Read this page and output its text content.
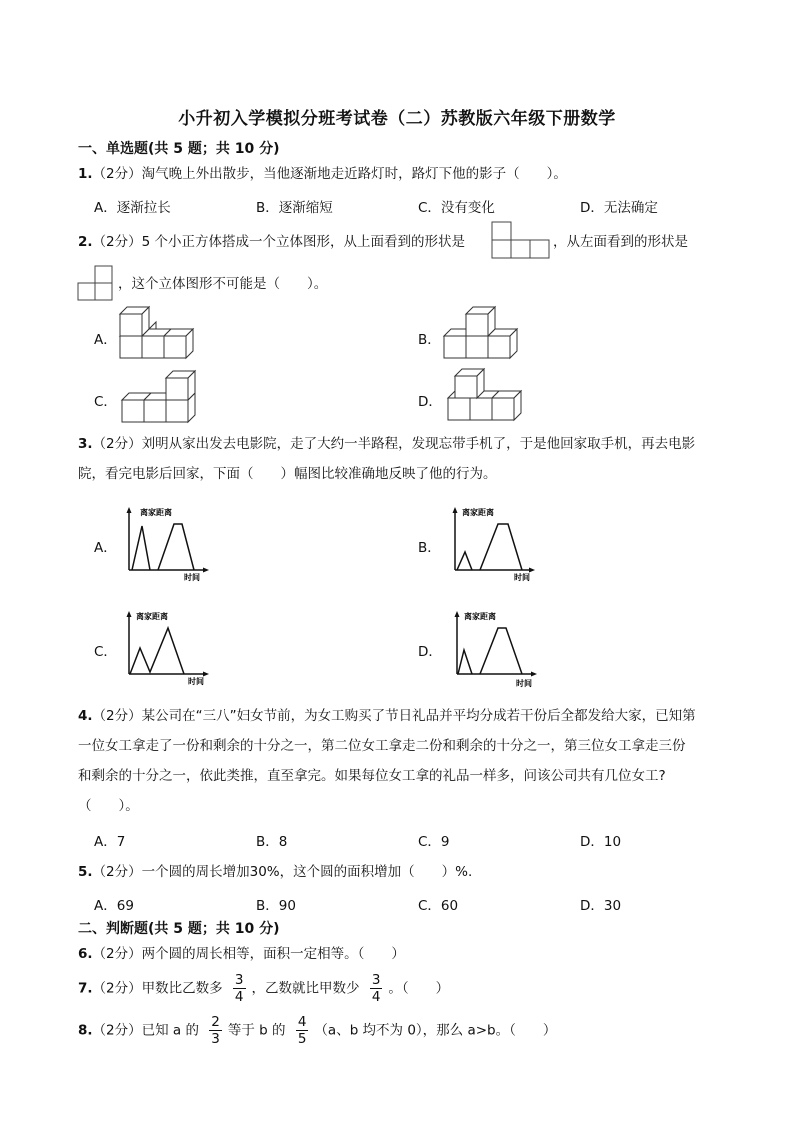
小升初入学模拟分班考试卷（二）苏教版六年级下册数学
一、单选题(共 5 题；共 10 分)
1.（2分）淘气晚上外出散步，当他逐渐地走近路灯时，路灯下他的影子（　　）。
A．逐渐拉长	B．逐渐缩短	C．没有变化	D．无法确定
2.（2分）5 个小正方体搭成一个立体图形，从上面看到的形状是	，从左面看到的形状是
，这个立体图形不可能是（　　）。
A．	B．
C．	D．
3.（2分）刘明从家出发去电影院，走了大约一半路程，发现忘带手机了，于是他回家取手机，再去电影
院，看完电影后回家，下面（　　）幅图比较准确地反映了他的行为。
A．
离家距离
时间
B．
离家距离
时间
C．
离家距离
时间
D．
离家距离
时间
4.（2分）某公司在“三八”妇女节前，为女工购买了节日礼品并平均分成若干份后全都发给大家，已知第
一位女工拿走了一份和剩余的十分之一，第二位女工拿走二份和剩余的十分之一，第三位女工拿走三份
和剩余的十分之一，依此类推，直至拿完。如果每位女工拿的礼品一样多，问该公司共有几位女工?
（　　）。
A．7	B．8	C．9	D．10
5.（2分）一个圆的周长增加30%，这个圆的面积增加（　　）%.
A．69	B．90	C．60	D．30
二、判断题(共 5 题；共 10 分)
6.（2分）两个圆的周长相等，面积一定相等。（　　）
7.（2分）甲数比乙数多 $\frac{3}{4}$ ，乙数就比甲数少 $\frac{3}{4}$ 。（　　）
8.（2分）已知 a 的 $\frac{2}{3}$ 等于 b 的 $\frac{4}{5} (a$、b 均不为 0），那么 a>b。（　　）
